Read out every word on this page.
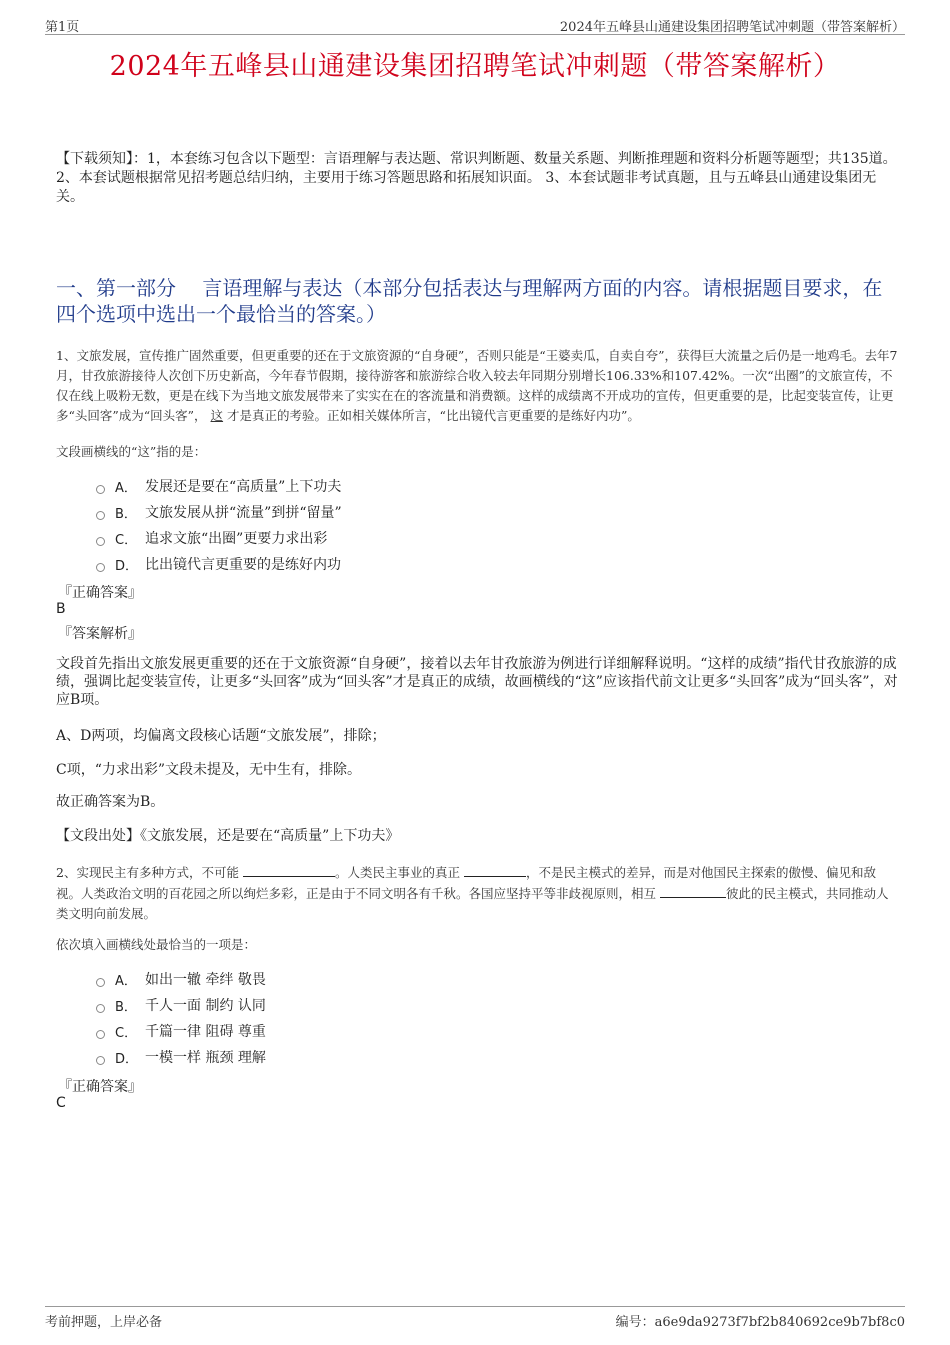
第1页	2024年五峰县山通建设集团招聘笔试冲刺题（带答案解析）
2024年五峰县山通建设集团招聘笔试冲刺题（带答案解析）
【下载须知】：1，本套练习包含以下题型：言语理解与表达题、常识判断题、数量关系题、判断推理题和资料分析题等题型；共135道。 2、本套试题根据常见招考题总结归纳，主要用于练习答题思路和拓展知识面。 3、本套试题非考试真题，且与五峰县山通建设集团无关。
一、第一部分　 言语理解与表达（本部分包括表达与理解两方面的内容。请根据题目要求，在四个选项中选出一个最恰当的答案。）
1、文旅发展，宣传推广固然重要，但更重要的还在于文旅资源的“自身硬”，否则只能是“王婆卖瓜，自卖自夸”，获得巨大流量之后仍是一地鸡毛。去年7月，甘孜旅游接待人次创下历史新高，今年春节假期，接待游客和旅游综合收入较去年同期分别增长106.33%和107.42%。一次“出圈”的文旅宣传，不仅在线上吸粉无数，更是在线下为当地文旅发展带来了实实在在的客流量和消费额。这样的成绩离不开成功的宣传，但更重要的是，比起变装宣传，让更多“头回客”成为“回头客”， 这 才是真正的考验。正如相关媒体所言，“比出镜代言更重要的是练好内功”。
文段画横线的“这”指的是：
A． 发展还是要在“高质量”上下功夫
B． 文旅发展从拼“流量”到拼“留量”
C． 追求文旅“出圈”更要力求出彩
D． 比出镜代言更重要的是练好内功
『正确答案』
B
『答案解析』
文段首先指出文旅发展更重要的还在于文旅资源“自身硬”，接着以去年甘孜旅游为例进行详细解释说明。“这样的成绩”指代甘孜旅游的成绩，强调比起变装宣传，让更多“头回客”成为“回头客”才是真正的成绩，故画横线的“这”应该指代前文让更多“头回客”成为“回头客”，对应B项。
A、D两项，均偏离文段核心话题“文旅发展”，排除；
C项，“力求出彩”文段未提及，无中生有，排除。
故正确答案为B。
【文段出处】《文旅发展，还是要在“高质量”上下功夫》
2、实现民主有多种方式，不可能	。人类民主事业的真正	，不是民主模式的差异，而是对他国民主探索的傲慢、偏见和敌视。人类政治文明的百花园之所以绚烂多彩，正是由于不同文明各有千秋。各国应坚持平等非歧视原则，相互	彼此的民主模式，共同推动人类文明向前发展。
依次填入画横线处最恰当的一项是：
A． 如出一辙 牵绊 敬畏
B． 千人一面 制约 认同
C． 千篇一律 阻碍 尊重
D． 一模一样 瓶颈 理解
『正确答案』
C
考前押题，上岸必备	编号：a6e9da9273f7bf2b840692ce9b7bf8c0
